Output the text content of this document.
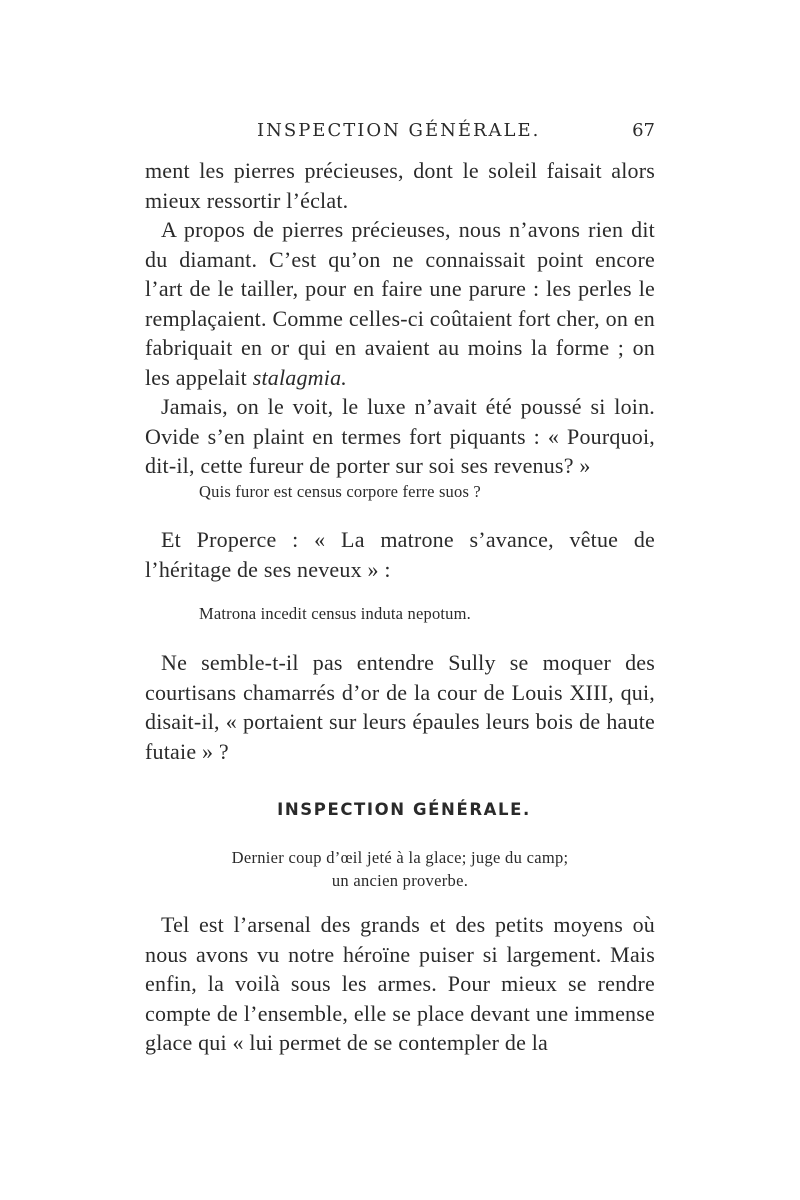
INSPECTION GÉNÉRALE.	67

ment les pierres précieuses, dont le soleil faisait alors mieux ressortir l’éclat.

A propos de pierres précieuses, nous n’avons rien dit du diamant. C’est qu’on ne connaissait point encore l’art de le tailler, pour en faire une parure : les perles le remplaçaient. Comme celles-ci coûtaient fort cher, on en fabriquait en or qui en avaient au moins la forme ; on les appelait stalagmia.

Jamais, on le voit, le luxe n’avait été poussé si loin. Ovide s’en plaint en termes fort piquants : « Pourquoi, dit-il, cette fureur de porter sur soi ses revenus? »

Quis furor est census corpore ferre suos ?

Et Properce : « La matrone s’avance, vêtue de l’héritage de ses neveux » :

Matrona incedit census induta nepotum.

Ne semble-t-il pas entendre Sully se moquer des courtisans chamarrés d’or de la cour de Louis XIII, qui, disait-il, « portaient sur leurs épaules leurs bois de haute futaie » ?

INSPECTION GÉNÉRALE.
Dernier coup d’œil jeté à la glace; juge du camp;
un ancien proverbe.

Tel est l’arsenal des grands et des petits moyens où nous avons vu notre héroïne puiser si largement. Mais enfin, la voilà sous les armes. Pour mieux se rendre compte de l’ensemble, elle se place devant une immense glace qui « lui permet de se contempler de la
